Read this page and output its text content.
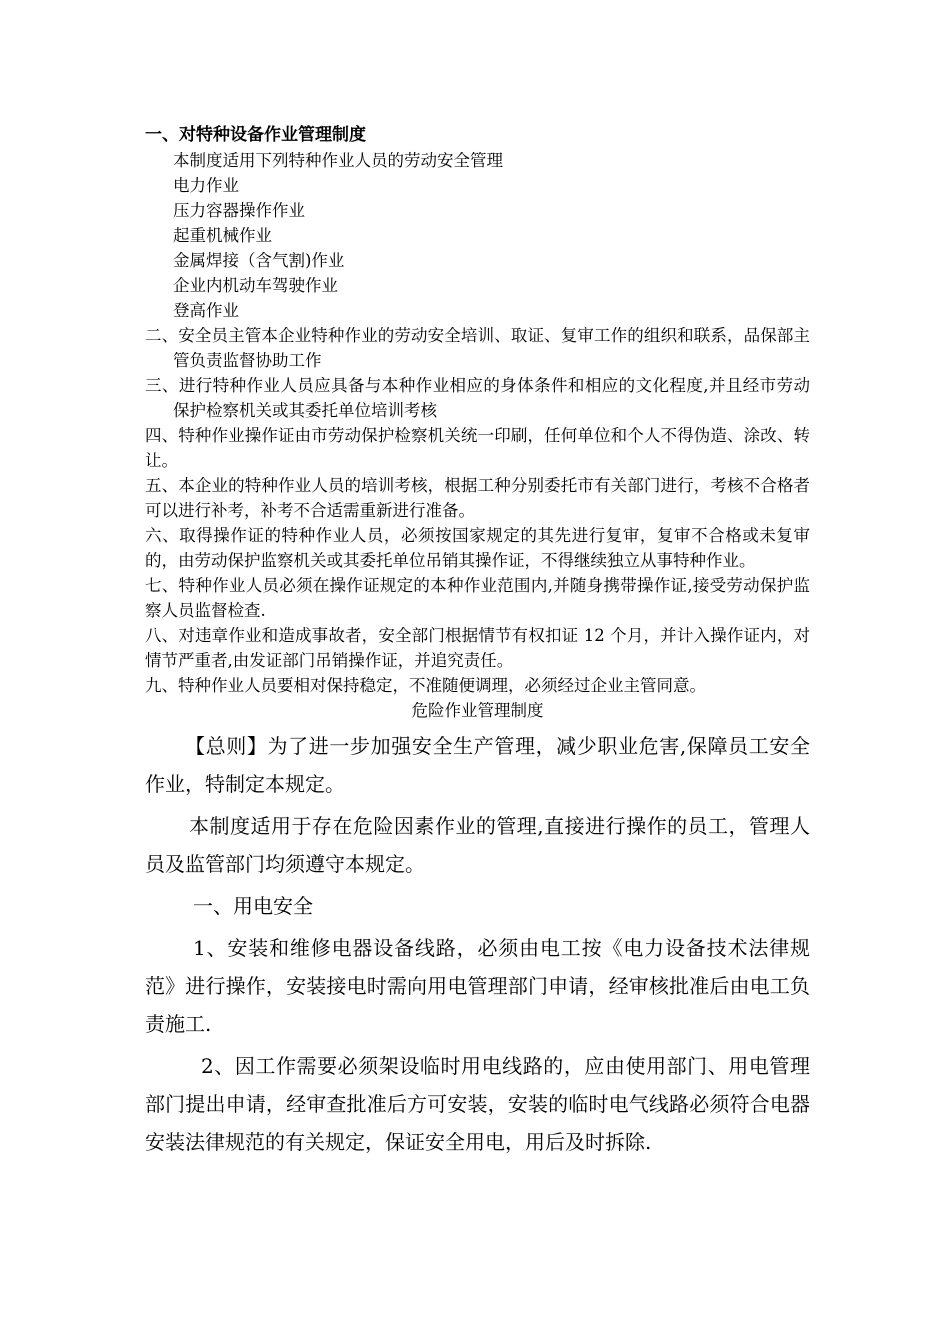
一、对特种设备作业管理制度

本制度适用下列特种作业人员的劳动安全管理

电力作业

压力容器操作作业

起重机械作业

金属焊接（含气割)作业

企业内机动车驾驶作业

登高作业

二、安全员主管本企业特种作业的劳动安全培训、取证、复审工作的组织和联系，品保部主管负责监督协助工作

三、进行特种作业人员应具备与本种作业相应的身体条件和相应的文化程度,并且经市劳动保护检察机关或其委托单位培训考核

四、特种作业操作证由市劳动保护检察机关统一印刷，任何单位和个人不得伪造、涂改、转让。

五、本企业的特种作业人员的培训考核，根据工种分别委托市有关部门进行，考核不合格者可以进行补考，补考不合适需重新进行准备。

六、取得操作证的特种作业人员，必须按国家规定的其先进行复审，复审不合格或未复审的，由劳动保护监察机关或其委托单位吊销其操作证，不得继续独立从事特种作业。

七、特种作业人员必须在操作证规定的本种作业范围内,并随身携带操作证,接受劳动保护监察人员监督检查.

八、对违章作业和造成事故者，安全部门根据情节有权扣证 12 个月，并计入操作证内，对情节严重者,由发证部门吊销操作证，并追究责任。

九、特种作业人员要相对保持稳定，不准随便调理，必须经过企业主管同意。

危险作业管理制度

【总则】为了进一步加强安全生产管理，减少职业危害,保障员工安全作业，特制定本规定。

本制度适用于存在危险因素作业的管理,直接进行操作的员工，管理人员及监管部门均须遵守本规定。

一、用电安全

1、安装和维修电器设备线路，必须由电工按《电力设备技术法律规范》进行操作，安装接电时需向用电管理部门申请，经审核批准后由电工负责施工.

2、因工作需要必须架设临时用电线路的，应由使用部门、用电管理部门提出申请，经审查批准后方可安装，安装的临时电气线路必须符合电器安装法律规范的有关规定，保证安全用电，用后及时拆除.
